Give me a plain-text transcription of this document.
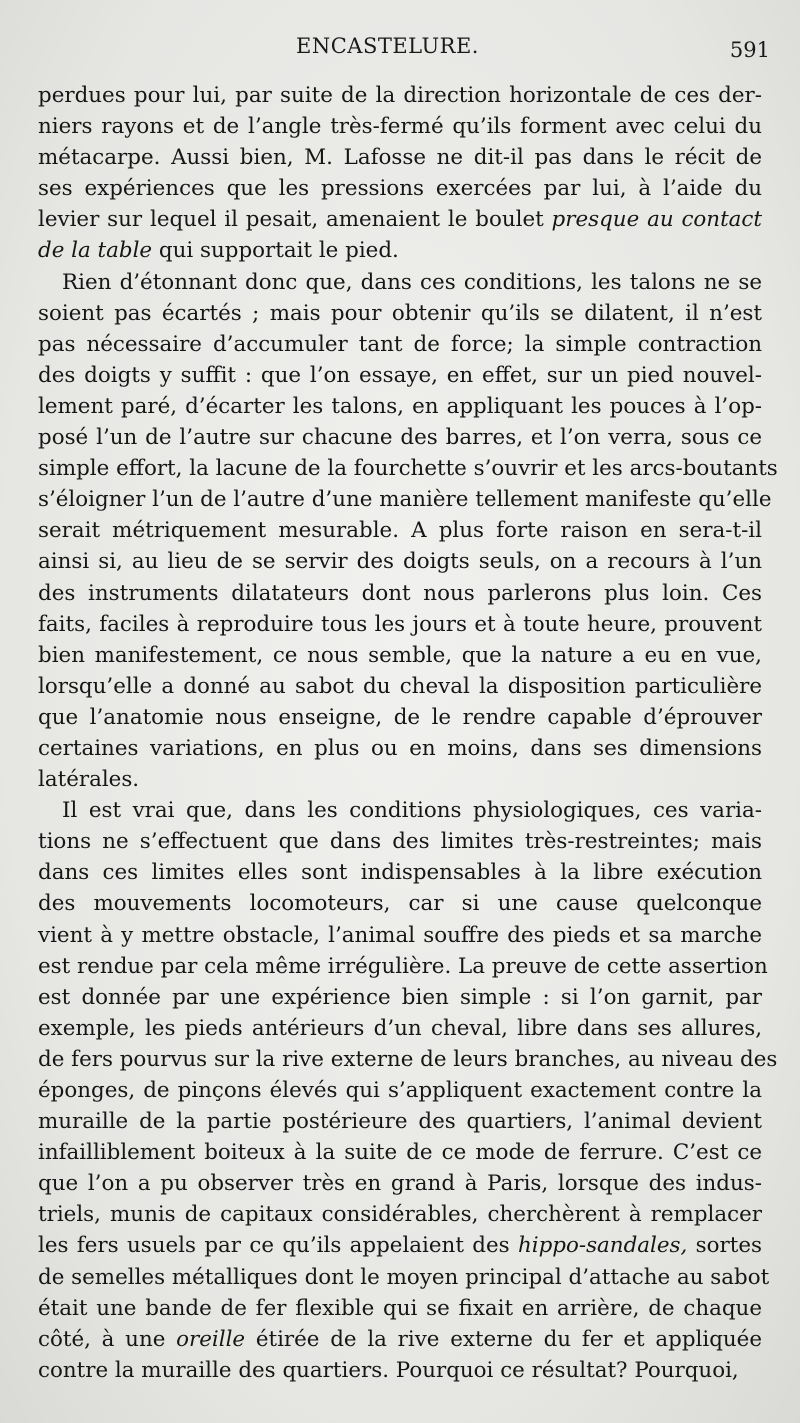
ENCASTELURE.	591
perdues pour lui, par suite de la direction horizontale de ces der-
niers rayons et de l’angle très-fermé qu’ils forment avec celui du
métacarpe. Aussi bien, M. Lafosse ne dit-il pas dans le récit de
ses expériences que les pressions exercées par lui, à l’aide du
levier sur lequel il pesait, amenaient le boulet presque au contact
de la table qui supportait le pied.
Rien d’étonnant donc que, dans ces conditions, les talons ne se
soient pas écartés ; mais pour obtenir qu’ils se dilatent, il n’est
pas nécessaire d’accumuler tant de force; la simple contraction
des doigts y suffit : que l’on essaye, en effet, sur un pied nouvel-
lement paré, d’écarter les talons, en appliquant les pouces à l’op-
posé l’un de l’autre sur chacune des barres, et l’on verra, sous ce
simple effort, la lacune de la fourchette s’ouvrir et les arcs-boutants
s’éloigner l’un de l’autre d’une manière tellement manifeste qu’elle
serait métriquement mesurable. A plus forte raison en sera-t-il
ainsi si, au lieu de se servir des doigts seuls, on a recours à l’un
des instruments dilatateurs dont nous parlerons plus loin. Ces
faits, faciles à reproduire tous les jours et à toute heure, prouvent
bien manifestement, ce nous semble, que la nature a eu en vue,
lorsqu’elle a donné au sabot du cheval la disposition particulière
que l’anatomie nous enseigne, de le rendre capable d’éprouver
certaines variations, en plus ou en moins, dans ses dimensions
latérales.
Il est vrai que, dans les conditions physiologiques, ces varia-
tions ne s’effectuent que dans des limites très-restreintes; mais
dans ces limites elles sont indispensables à la libre exécution
des mouvements locomoteurs, car si une cause quelconque
vient à y mettre obstacle, l’animal souffre des pieds et sa marche
est rendue par cela même irrégulière. La preuve de cette assertion
est donnée par une expérience bien simple : si l’on garnit, par
exemple, les pieds antérieurs d’un cheval, libre dans ses allures,
de fers pourvus sur la rive externe de leurs branches, au niveau des
éponges, de pinçons élevés qui s’appliquent exactement contre la
muraille de la partie postérieure des quartiers, l’animal devient
infailliblement boiteux à la suite de ce mode de ferrure. C’est ce
que l’on a pu observer très en grand à Paris, lorsque des indus-
triels, munis de capitaux considérables, cherchèrent à remplacer
les fers usuels par ce qu’ils appelaient des hippo-sandales, sortes
de semelles métalliques dont le moyen principal d’attache au sabot
était une bande de fer flexible qui se fixait en arrière, de chaque
côté, à une oreille étirée de la rive externe du fer et appliquée
contre la muraille des quartiers. Pourquoi ce résultat? Pourquoi,
